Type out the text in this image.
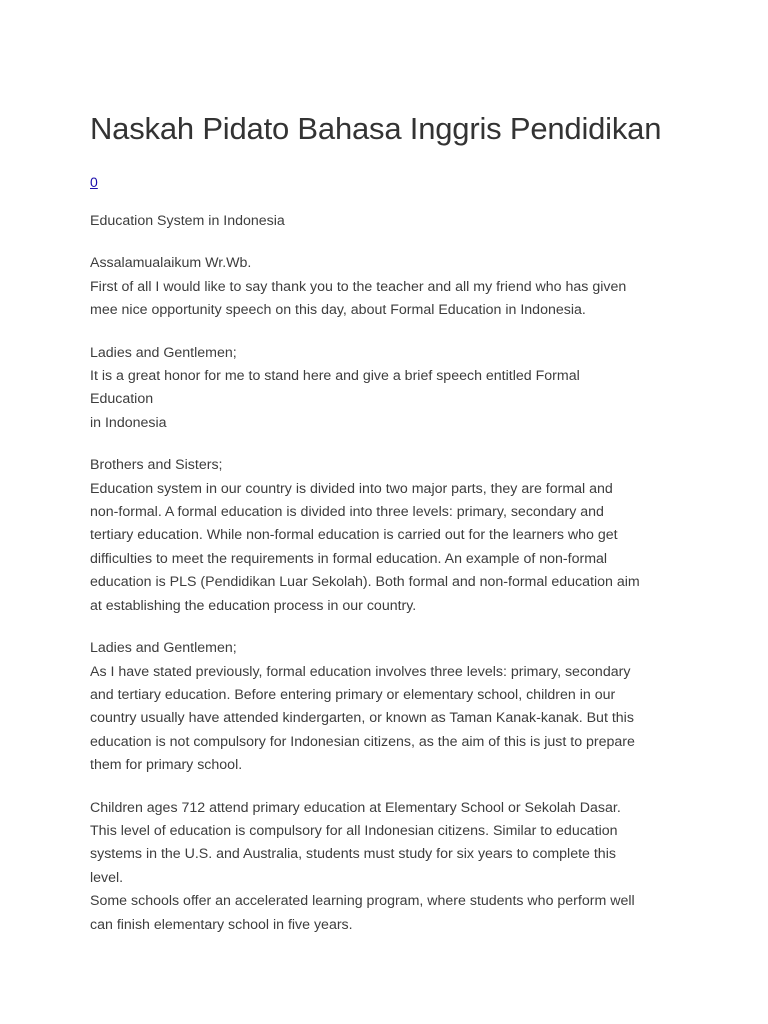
Naskah Pidato Bahasa Inggris Pendidikan
0

Education System in Indonesia

Assalamualaikum Wr.Wb.
First of all I would like to say thank you to the teacher and all my friend who has given
mee nice opportunity speech on this day, about Formal Education in Indonesia.
Ladies and Gentlemen;
It is a great honor for me to stand here and give a brief speech entitled Formal
Education
in Indonesia
Brothers and Sisters;
Education system in our country is divided into two major parts, they are formal and
non-formal. A formal education is divided into three levels: primary, secondary and
tertiary education. While non-formal education is carried out for the learners who get
difficulties to meet the requirements in formal education. An example of non-formal
education is PLS (Pendidikan Luar Sekolah). Both formal and non-formal education aim
at establishing the education process in our country.
Ladies and Gentlemen;
As I have stated previously, formal education involves three levels: primary, secondary
and tertiary education. Before entering primary or elementary school, children in our
country usually have attended kindergarten, or known as Taman Kanak-kanak. But this
education is not compulsory for Indonesian citizens, as the aim of this is just to prepare
them for primary school.
Children ages 712 attend primary education at Elementary School or Sekolah Dasar.
This level of education is compulsory for all Indonesian citizens. Similar to education
systems in the U.S. and Australia, students must study for six years to complete this
level.
Some schools offer an accelerated learning program, where students who perform well
can finish elementary school in five years.
